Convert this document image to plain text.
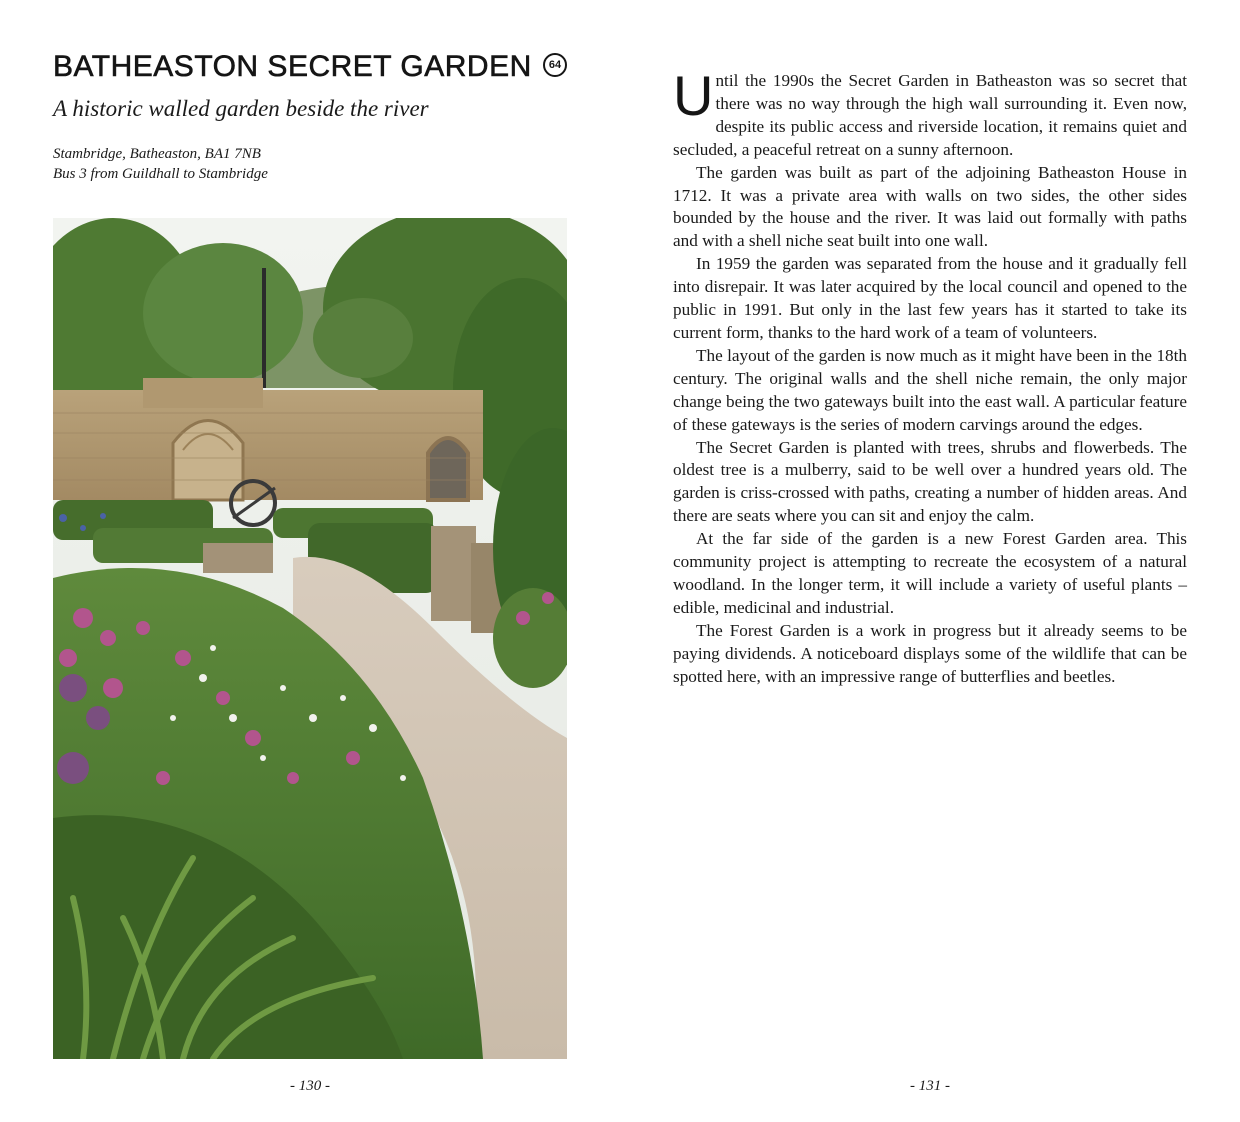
BATHEASTON SECRET GARDEN	64
A historic walled garden beside the river
Stambridge, Batheaston, BA1 7NB
Bus 3 from Guildhall to Stambridge
- 130 -

Until the 1990s the Secret Garden in Batheaston was so secret that there was no way through the high wall surrounding it. Even now, despite its public access and riverside location, it remains quiet and secluded, a peaceful retreat on a sunny afternoon.

The garden was built as part of the adjoining Batheaston House in 1712. It was a private area with walls on two sides, the other sides bounded by the house and the river. It was laid out formally with paths and with a shell niche seat built into one wall.

In 1959 the garden was separated from the house and it gradually fell into disrepair. It was later acquired by the local council and opened to the public in 1991. But only in the last few years has it started to take its current form, thanks to the hard work of a team of volunteers.

The layout of the garden is now much as it might have been in the 18th century. The original walls and the shell niche remain, the only major change being the two gateways built into the east wall. A particular feature of these gateways is the series of modern carvings around the edges.

The Secret Garden is planted with trees, shrubs and flowerbeds. The oldest tree is a mulberry, said to be well over a hundred years old. The garden is criss-crossed with paths, creating a number of hidden areas. And there are seats where you can sit and enjoy the calm.

At the far side of the garden is a new Forest Garden area. This community project is attempting to recreate the ecosystem of a natural woodland. In the longer term, it will include a variety of useful plants – edible, medicinal and industrial.

The Forest Garden is a work in progress but it already seems to be paying dividends. A noticeboard displays some of the wildlife that can be spotted here, with an impressive range of butterflies and beetles.

- 131 -
